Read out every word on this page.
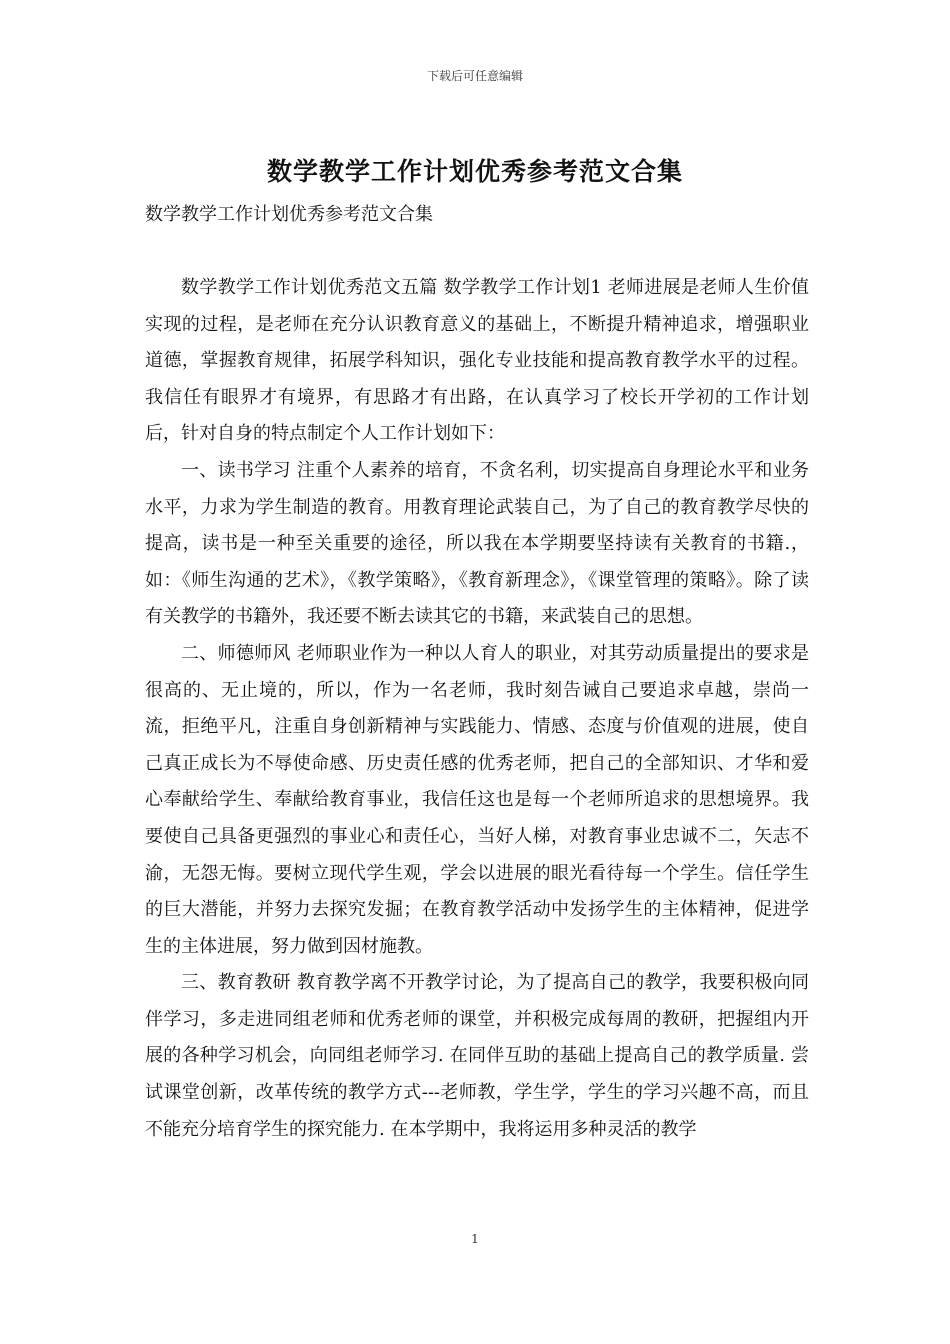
下载后可任意编辑
数学教学工作计划优秀参考范文合集
数学教学工作计划优秀参考范文合集

数学教学工作计划优秀范文五篇 数学教学工作计划1 老师进展是老师人生价值实现的过程，是老师在充分认识教育意义的基础上，不断提升精神追求，增强职业道德，掌握教育规律，拓展学科知识，强化专业技能和提高教育教学水平的过程。我信任有眼界才有境界，有思路才有出路，在认真学习了校长开学初的工作计划后，针对自身的特点制定个人工作计划如下：

一、读书学习 注重个人素养的培育，不贪名利，切实提高自身理论水平和业务水平，力求为学生制造的教育。用教育理论武装自己，为了自己的教育教学尽快的提高，读书是一种至关重要的途径，所以我在本学期要坚持读有关教育的书籍.，如：《师生沟通的艺术》，《教学策略》，《教育新理念》，《课堂管理的策略》。除了读有关教学的书籍外，我还要不断去读其它的书籍，来武装自己的思想。

二、师德师风 老师职业作为一种以人育人的职业，对其劳动质量提出的要求是很高的、无止境的，所以，作为一名老师，我时刻告诫自己要追求卓越，崇尚一流，拒绝平凡，注重自身创新精神与实践能力、情感、态度与价值观的进展，使自己真正成长为不辱使命感、历史责任感的优秀老师，把自己的全部知识、才华和爱心奉献给学生、奉献给教育事业，我信任这也是每一个老师所追求的思想境界。我要使自己具备更强烈的事业心和责任心，当好人梯，对教育事业忠诚不二，矢志不渝，无怨无悔。要树立现代学生观，学会以进展的眼光看待每一个学生。信任学生的巨大潜能，并努力去探究发掘；在教育教学活动中发扬学生的主体精神，促进学生的主体进展，努力做到因材施教。

三、教育教研 教育教学离不开教学讨论，为了提高自己的教学，我要积极向同伴学习，多走进同组老师和优秀老师的课堂，并积极完成每周的教研，把握组内开展的各种学习机会，向同组老师学习. 在同伴互助的基础上提高自己的教学质量. 尝试课堂创新，改革传统的教学方式---老师教，学生学，学生的学习兴趣不高，而且不能充分培育学生的探究能力. 在本学期中，我将运用多种灵活的教学

1
